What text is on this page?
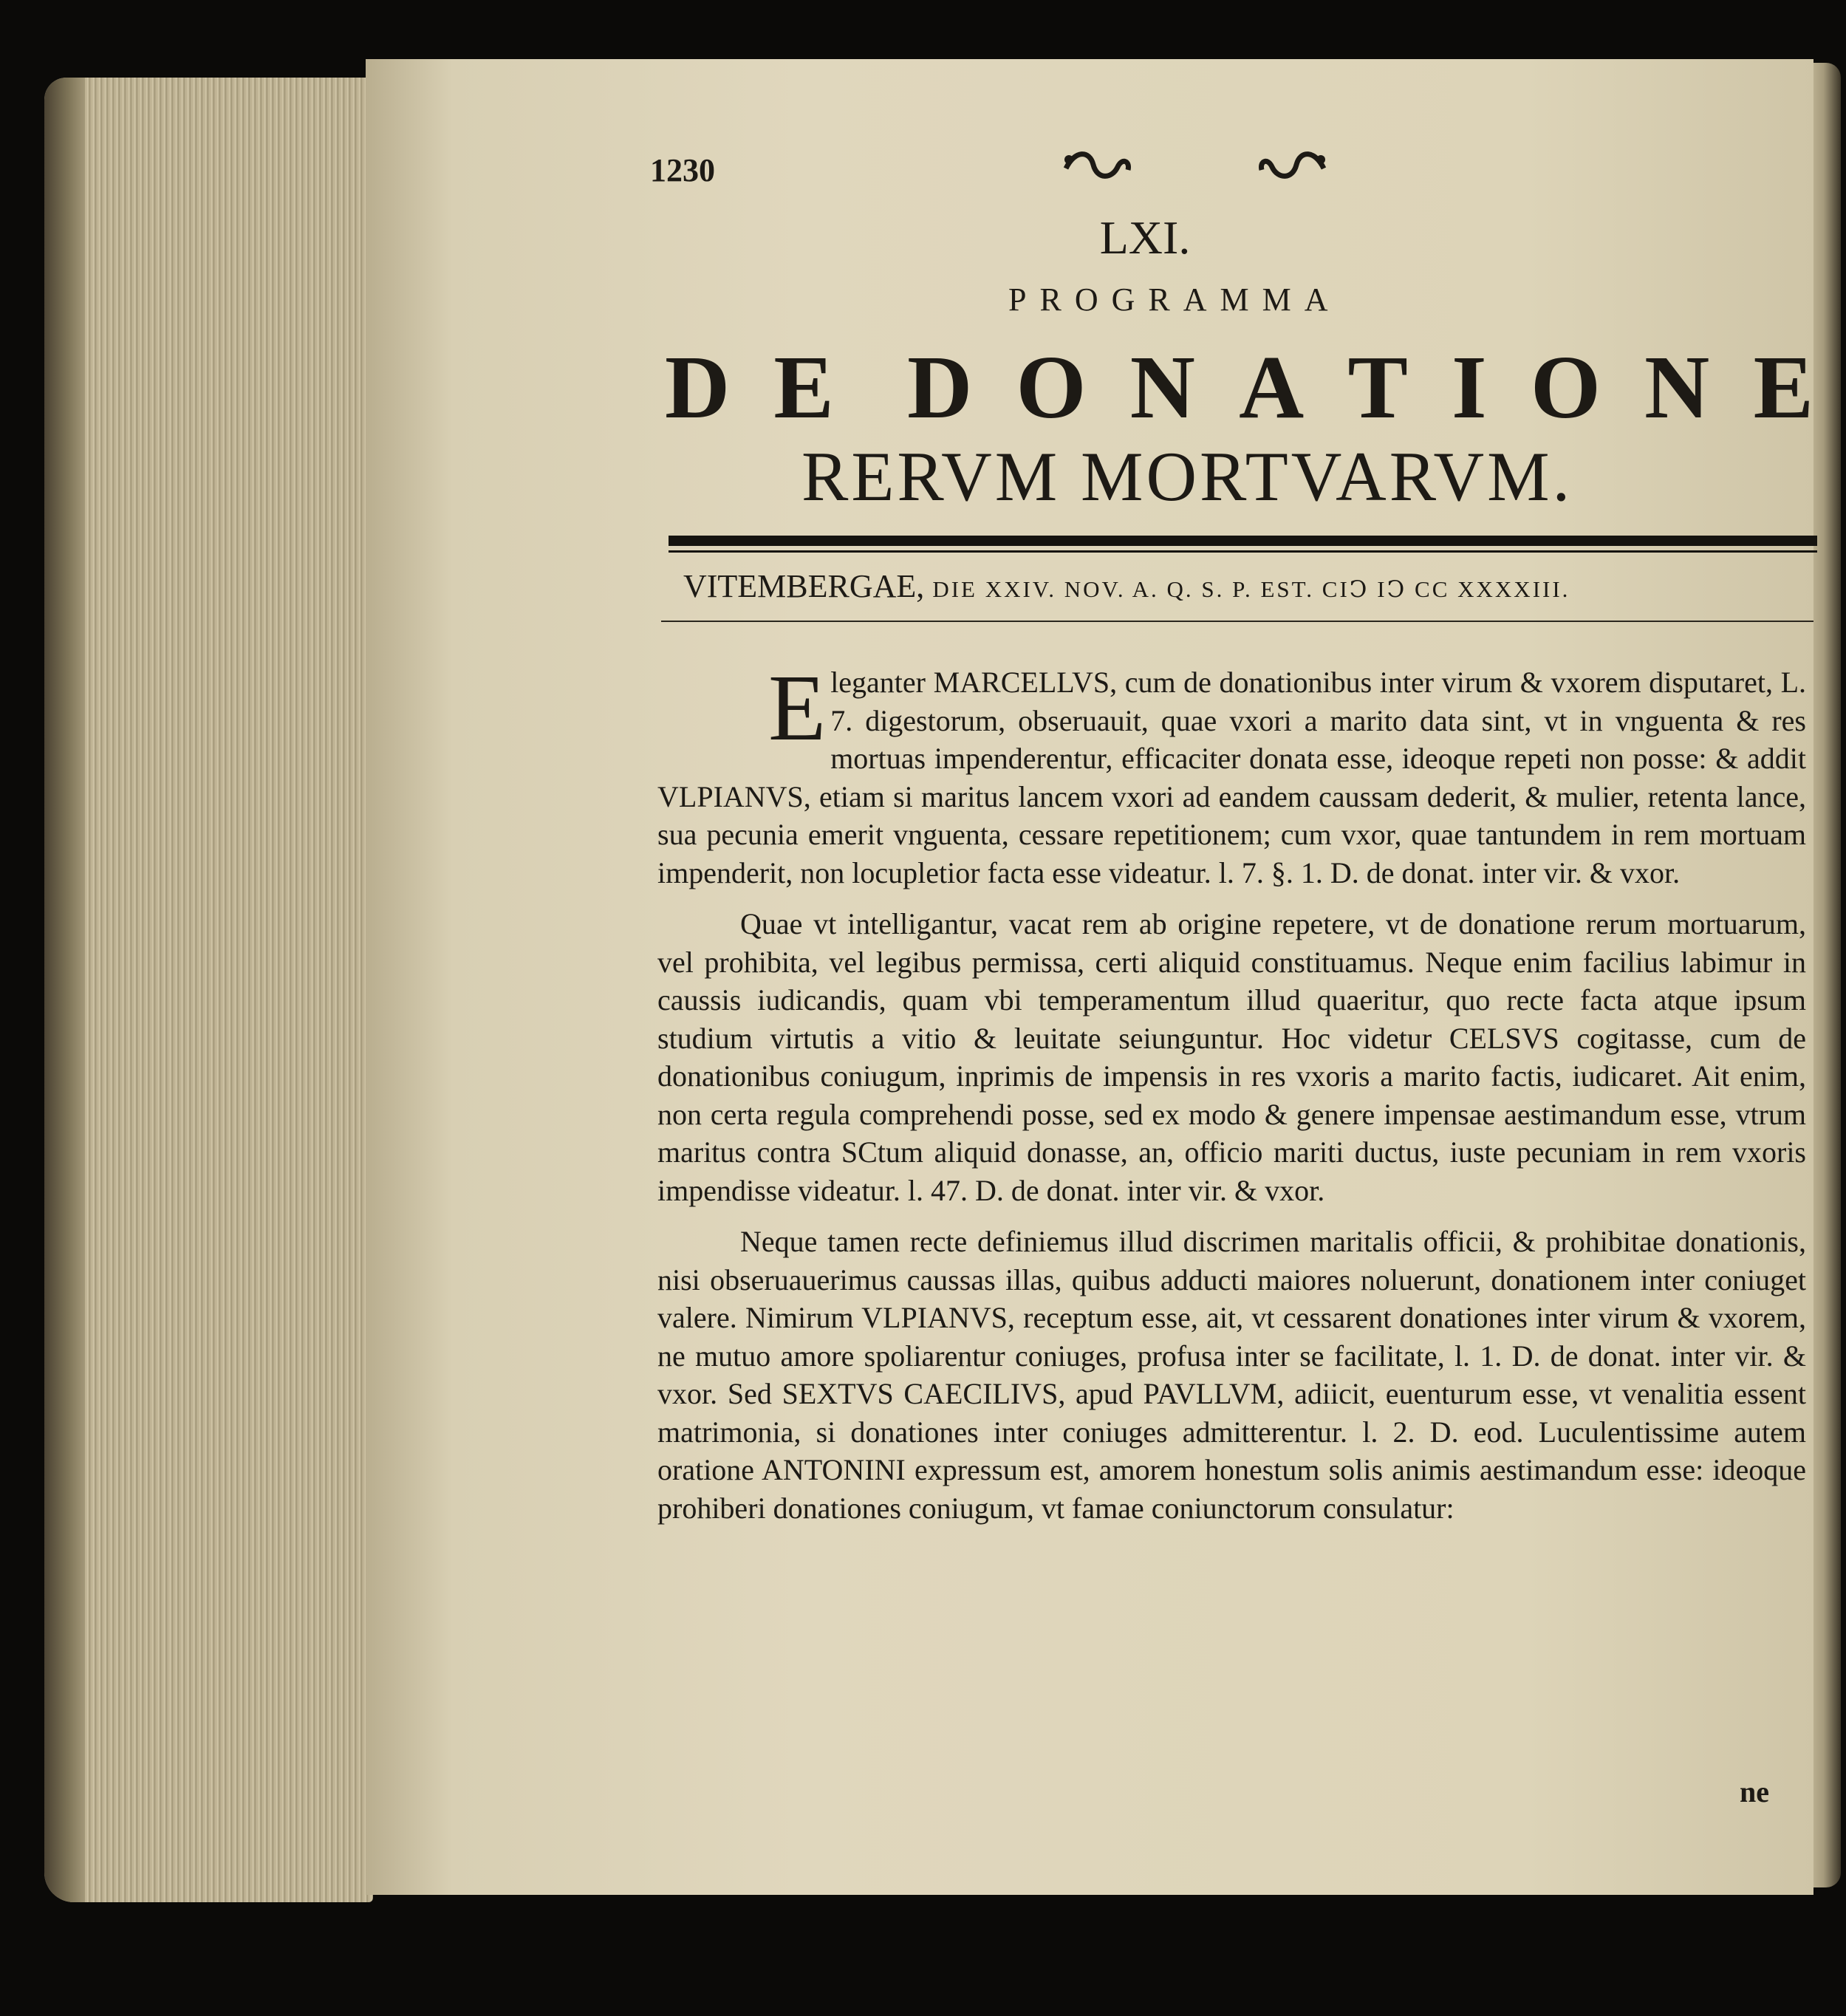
1230
LXI.
PROGRAMMA
D E D O N A T I O N E
RERVM MORTVARVM.
VITEMBERGAE, DIE XXIV. NOV. A. Q. S. P. EST. CIↃ IↃ CC XXXXIII.

Eleganter MARCELLVS, cum de donationibus inter virum & vxorem disputaret, L. 7. digestorum, obseruauit, quae vxori a marito data sint, vt in vnguenta & res mortuas impenderentur, efficaciter donata esse, ideoque repeti non posse: & addit VLPIANVS, etiam si maritus lancem vxori ad eandem caussam dederit, & mulier, retenta lance, sua pecunia emerit vnguenta, cessare repetitionem; cum vxor, quae tantundem in rem mortuam impenderit, non locupletior facta esse videatur. l. 7. §. 1. D. de donat. inter vir. & vxor.

Quae vt intelligantur, vacat rem ab origine repetere, vt de donatione rerum mortuarum, vel prohibita, vel legibus permissa, certi aliquid constituamus. Neque enim facilius labimur in caussis iudicandis, quam vbi temperamentum illud quaeritur, quo recte facta atque ipsum studium virtutis a vitio & leuitate seiunguntur. Hoc videtur CELSVS cogitasse, cum de donationibus coniugum, inprimis de impensis in res vxoris a marito factis, iudicaret. Ait enim, non certa regula comprehendi posse, sed ex modo & genere impensae aestimandum esse, vtrum maritus contra SCtum aliquid donasse, an, officio mariti ductus, iuste pecuniam in rem vxoris impendisse videatur. l. 47. D. de donat. inter vir. & vxor.

Neque tamen recte definiemus illud discrimen maritalis officii, & prohibitae donationis, nisi obseruauerimus caussas illas, quibus adducti maiores noluerunt, donationem inter coniuget valere. Nimirum VLPIANVS, receptum esse, ait, vt cessarent donationes inter virum & vxorem, ne mutuo amore spoliarentur coniuges, profusa inter se facilitate, l. 1. D. de donat. inter vir. & vxor. Sed SEXTVS CAECILIVS, apud PAVLLVM, adiicit, euenturum esse, vt venalitia essent matrimonia, si donationes inter coniuges admitterentur. l. 2. D. eod. Luculentissime autem oratione ANTONINI expressum est, amorem honestum solis animis aestimandum esse: ideoque prohiberi donationes coniugum, vt famae coniunctorum consulatur:

ne
